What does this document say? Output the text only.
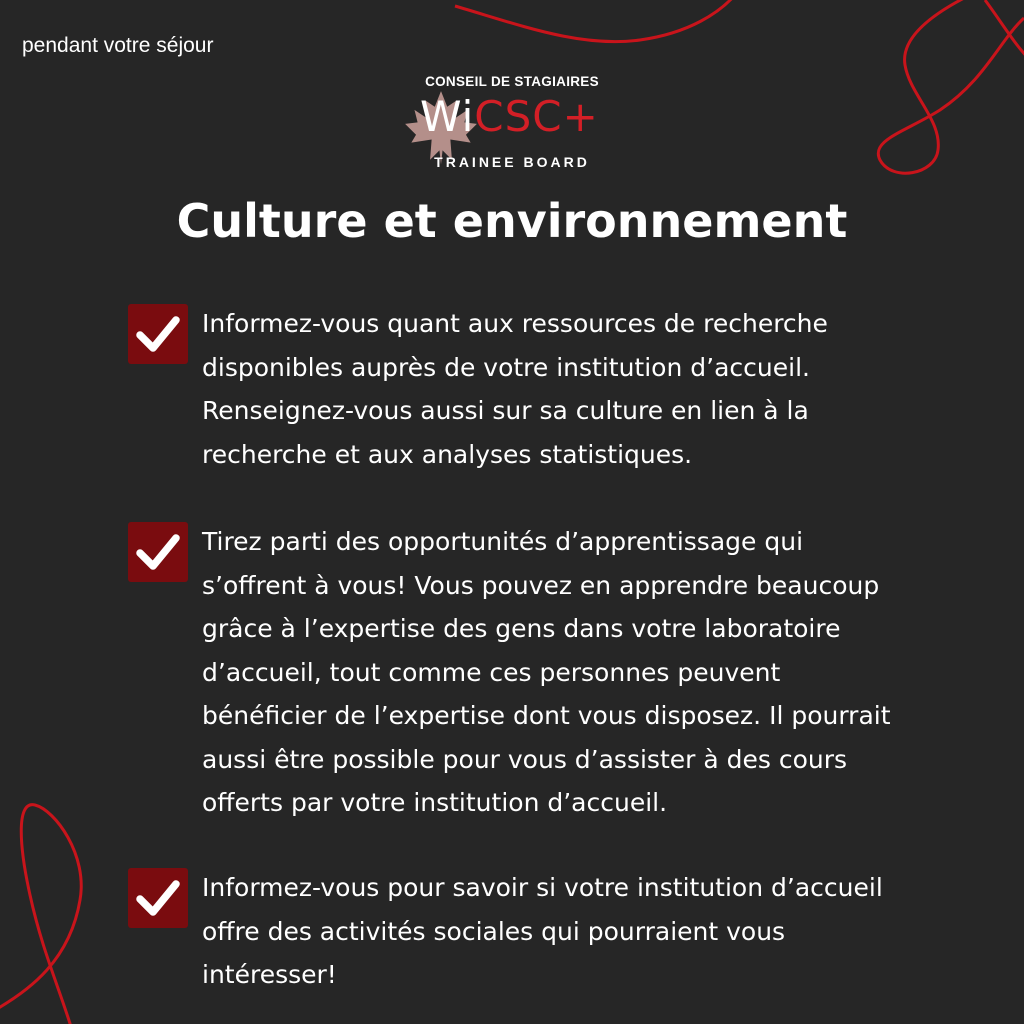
pendant votre séjour
CONSEIL DE STAGIAIRES
WiCSC+
TRAINEE BOARD
Culture et environnement

Informez-vous quant aux ressources de recherche
disponibles auprès de votre institution d’accueil.
Renseignez-vous aussi sur sa culture en lien à la
recherche et aux analyses statistiques.

Tirez parti des opportunités d’apprentissage qui
s’offrent à vous! Vous pouvez en apprendre beaucoup
grâce à l’expertise des gens dans votre laboratoire
d’accueil, tout comme ces personnes peuvent
bénéficier de l’expertise dont vous disposez. Il pourrait
aussi être possible pour vous d’assister à des cours
offerts par votre institution d’accueil.

Informez-vous pour savoir si votre institution d’accueil
offre des activités sociales qui pourraient vous
intéresser!
